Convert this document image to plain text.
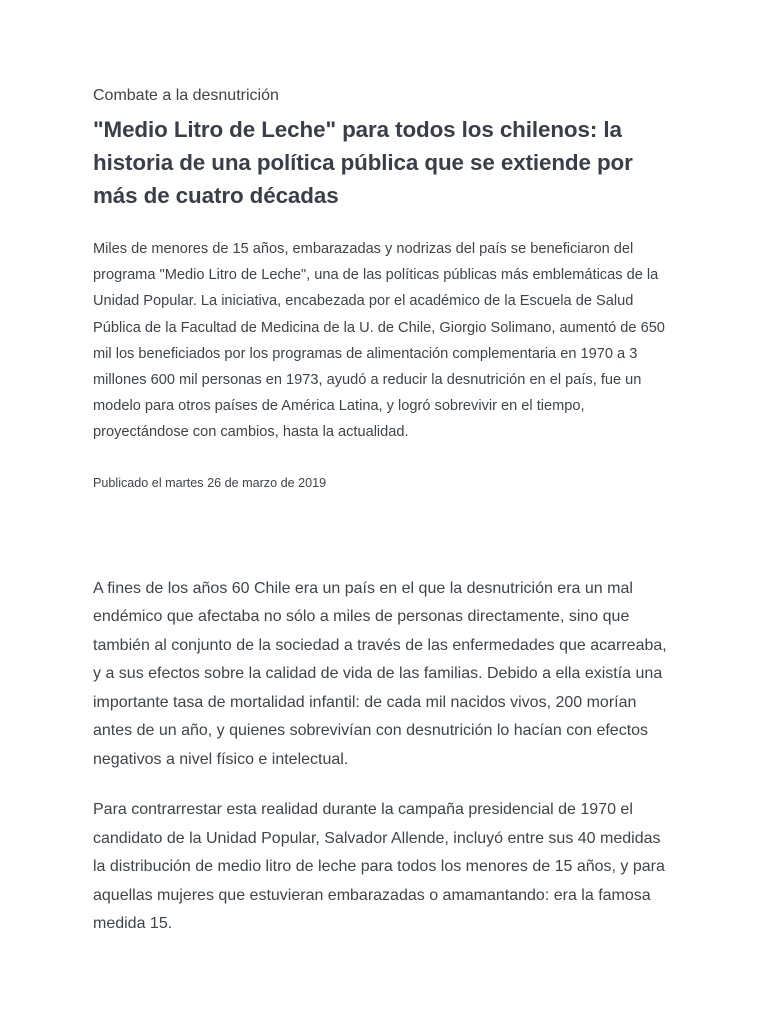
Combate a la desnutrición
"Medio Litro de Leche" para todos los chilenos: la historia de una política pública que se extiende por más de cuatro décadas

Miles de menores de 15 años, embarazadas y nodrizas del país se beneficiaron del programa "Medio Litro de Leche", una de las políticas públicas más emblemáticas de la Unidad Popular. La iniciativa, encabezada por el académico de la Escuela de Salud Pública de la Facultad de Medicina de la U. de Chile, Giorgio Solimano, aumentó de 650 mil los beneficiados por los programas de alimentación complementaria en 1970 a 3 millones 600 mil personas en 1973, ayudó a reducir la desnutrición en el país, fue un modelo para otros países de América Latina, y logró sobrevivir en el tiempo, proyectándose con cambios, hasta la actualidad.

Publicado el martes 26 de marzo de 2019

A fines de los años 60 Chile era un país en el que la desnutrición era un mal endémico que afectaba no sólo a miles de personas directamente, sino que también al conjunto de la sociedad a través de las enfermedades que acarreaba, y a sus efectos sobre la calidad de vida de las familias. Debido a ella existía una importante tasa de mortalidad infantil: de cada mil nacidos vivos, 200 morían antes de un año, y quienes sobrevivían con desnutrición lo hacían con efectos negativos a nivel físico e intelectual.

Para contrarrestar esta realidad durante la campaña presidencial de 1970 el candidato de la Unidad Popular, Salvador Allende, incluyó entre sus 40 medidas la distribución de medio litro de leche para todos los menores de 15 años, y para aquellas mujeres que estuvieran embarazadas o amamantando: era la famosa medida 15.
